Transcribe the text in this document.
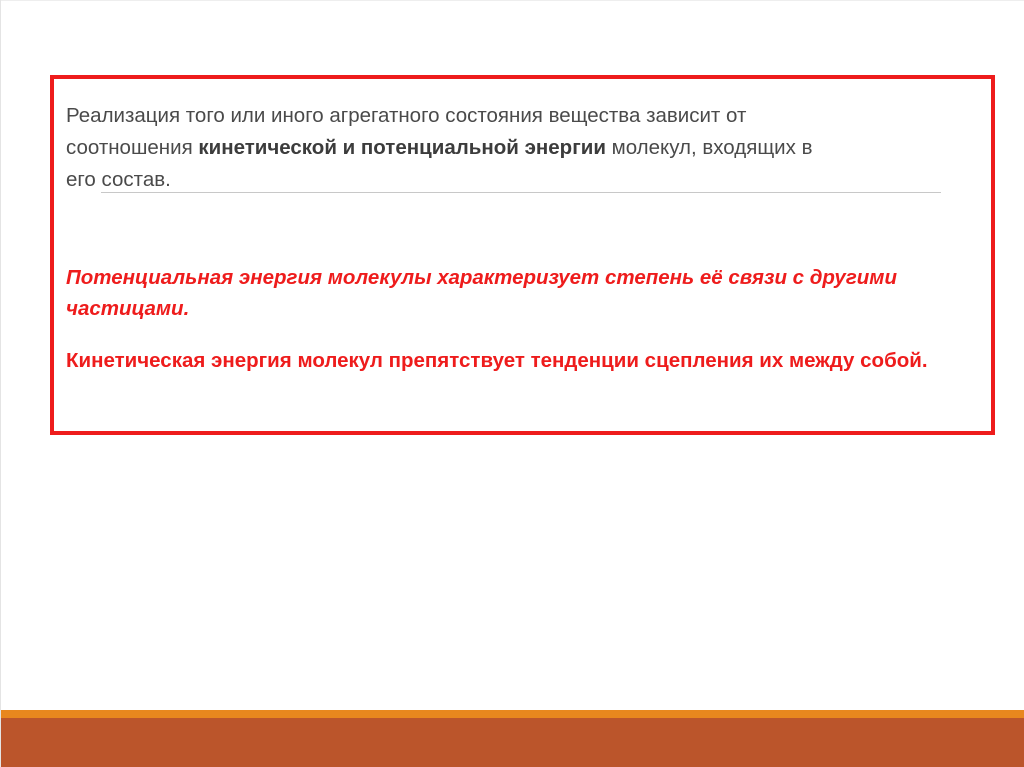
Реализация того или иного агрегатного состояния вещества зависит от
соотношения кинетической и потенциальной энергии молекул, входящих в
его состав.

Потенциальная энергия молекулы характеризует степень её связи с другими частицами.

Кинетическая энергия молекул препятствует тенденции сцепления их между собой.
